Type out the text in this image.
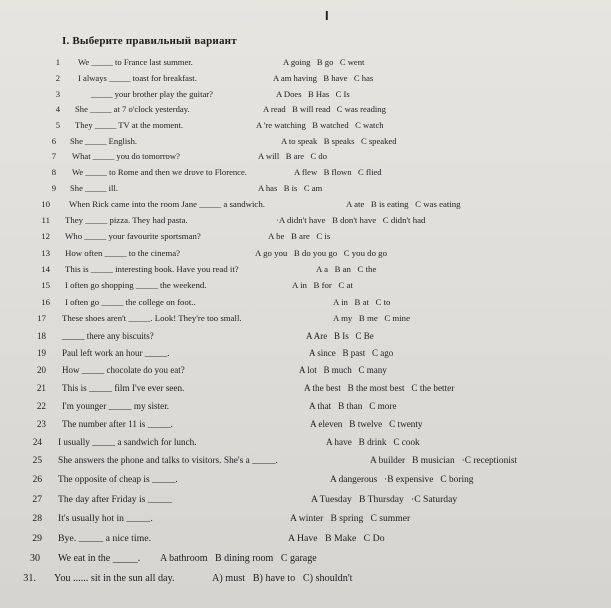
I
I. Выберите правильный вариант
1 We _____ to France last summer.	A going   B go   C went
2 I always _____ toast for breakfast.	A am having   B have   C has
3	_____ your brother play the guitar?	A Does   B Has   C Is
4 She _____ at 7 o'clock yesterday.	A read   B will read   C was reading
5 They _____ TV at the moment.	A 're watching   B watched   C watch
6 She _____ English.	A to speak   B speaks   C speaked
7 What _____ you do tomorrow?	A will   B are   C do
8 We _____ to Rome and then we drove to Florence.	A flew   B flown   C flied
9 She _____ ill.	A has   B is   C am
10 When Rick came into the room Jane _____ a sandwich.	A ate   B is eating   C was eating
11 They _____ pizza. They had pasta.	·A didn't have   B don't have   C didn't had
12 Who _____ your favourite sportsman?	A be   B are   C is
13 How often _____ to the cinema?	A go you   B do you go   C you do go
14 This is _____ interesting book. Have you read it?	A a   B an   C the
15 I often go shopping _____ the weekend.	A in   B for   C at
16 I often go _____ the college on foot..	A in   B at   C to
17 These shoes aren't _____. Look! They're too small.	A my   B me   C mine
18 _____ there any biscuits?	A Are   B Is   C Be
19 Paul left work an hour _____.	A since   B past   C ago
20 How _____ chocolate do you eat?	A lot   B much   C many
21 This is _____ film I've ever seen.	A the best   B the most best   C the better
22 I'm younger _____ my sister.	A that   B than   C more
23 The number after 11 is _____.	A eleven   B twelve   C twenty
24 I usually _____ a sandwich for lunch.	A have   B drink   C cook
25 She answers the phone and talks to visitors. She's a _____.	A builder   B musician   ·C receptionist
26 The opposite of cheap is _____.	A dangerous   ·B expensive   C boring
27 The day after Friday is _____	A Tuesday   B Thursday   ·C Saturday
28 It's usually hot in _____.	A winter   B spring   C summer
29 Bye. _____ a nice time.	A Have   B Make   C Do
30 We eat in the _____. A bathroom   B dining room   C garage
31. You ...... sit in the sun all day.	A) must   B) have to   C) shouldn't
